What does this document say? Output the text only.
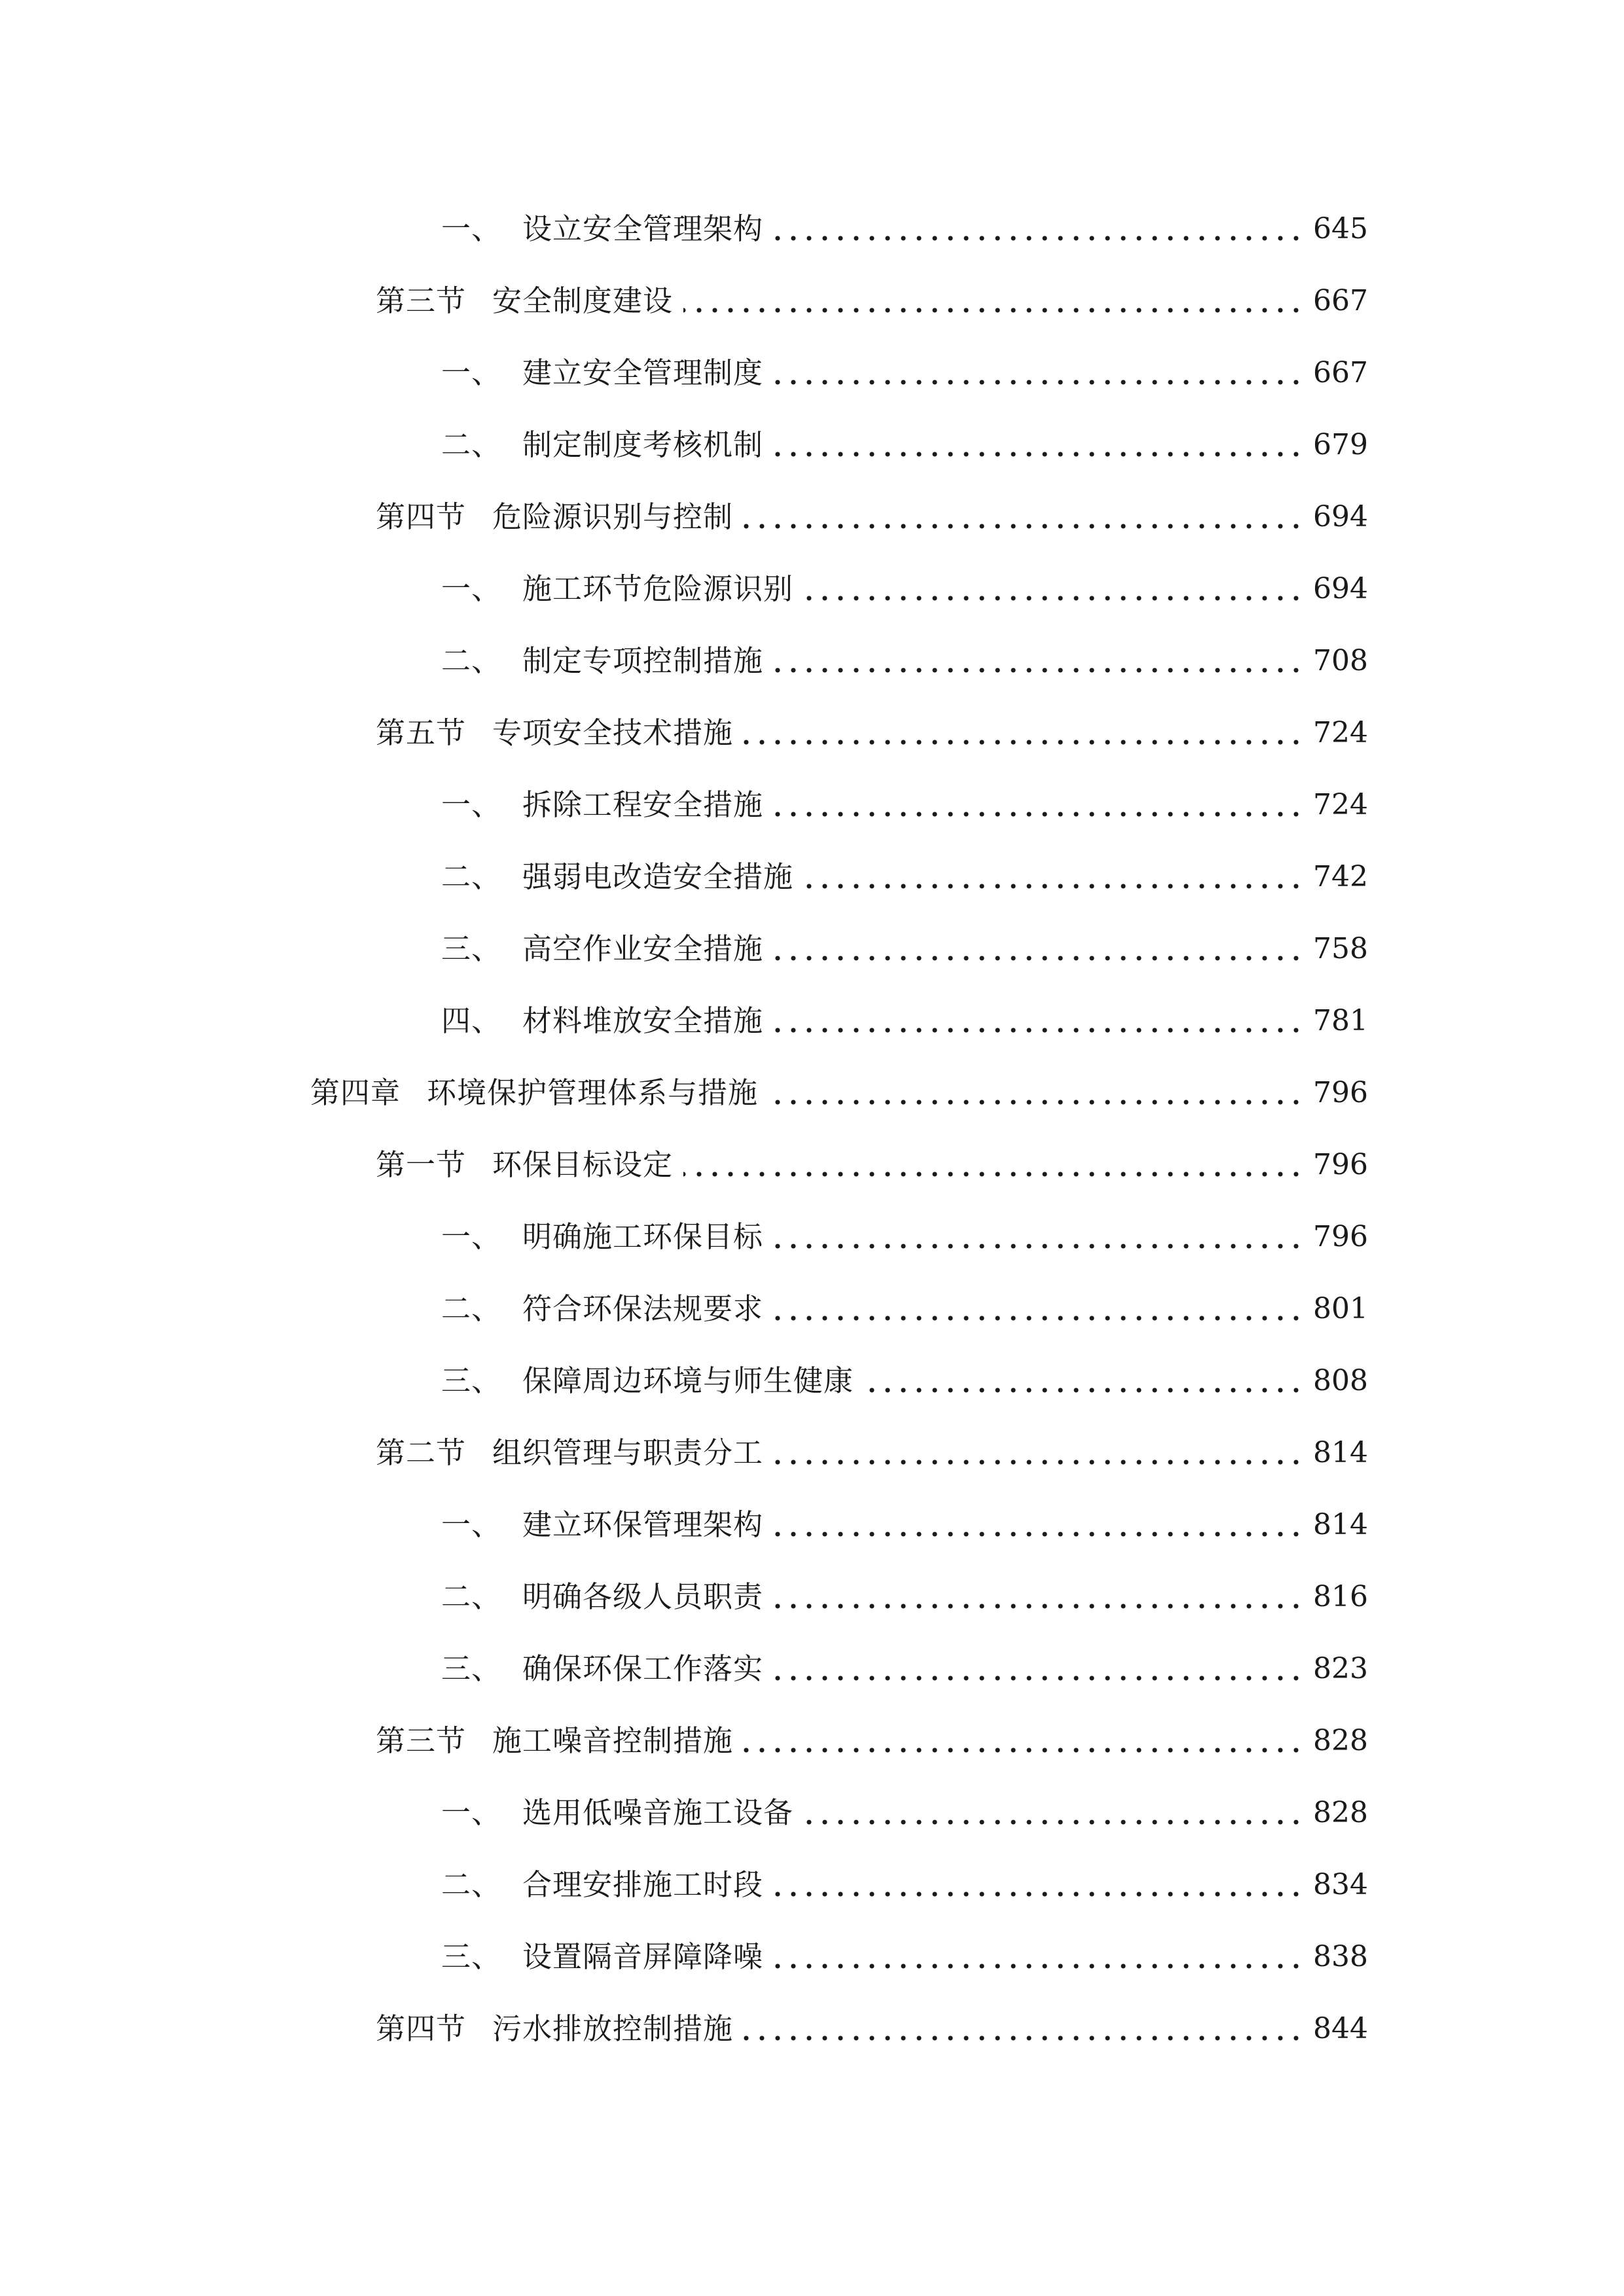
一、 设立安全管理架构	645
第三节 安全制度建设	667
一、 建立安全管理制度	667
二、 制定制度考核机制	679
第四节 危险源识别与控制	694
一、 施工环节危险源识别	694
二、 制定专项控制措施	708
第五节 专项安全技术措施	724
一、 拆除工程安全措施	724
二、 强弱电改造安全措施	742
三、 高空作业安全措施	758
四、 材料堆放安全措施	781
第四章 环境保护管理体系与措施	796
第一节 环保目标设定	796
一、 明确施工环保目标	796
二、 符合环保法规要求	801
三、 保障周边环境与师生健康	808
第二节 组织管理与职责分工	814
一、 建立环保管理架构	814
二、 明确各级人员职责	816
三、 确保环保工作落实	823
第三节 施工噪音控制措施	828
一、 选用低噪音施工设备	828
二、 合理安排施工时段	834
三、 设置隔音屏障降噪	838
第四节 污水排放控制措施	844
